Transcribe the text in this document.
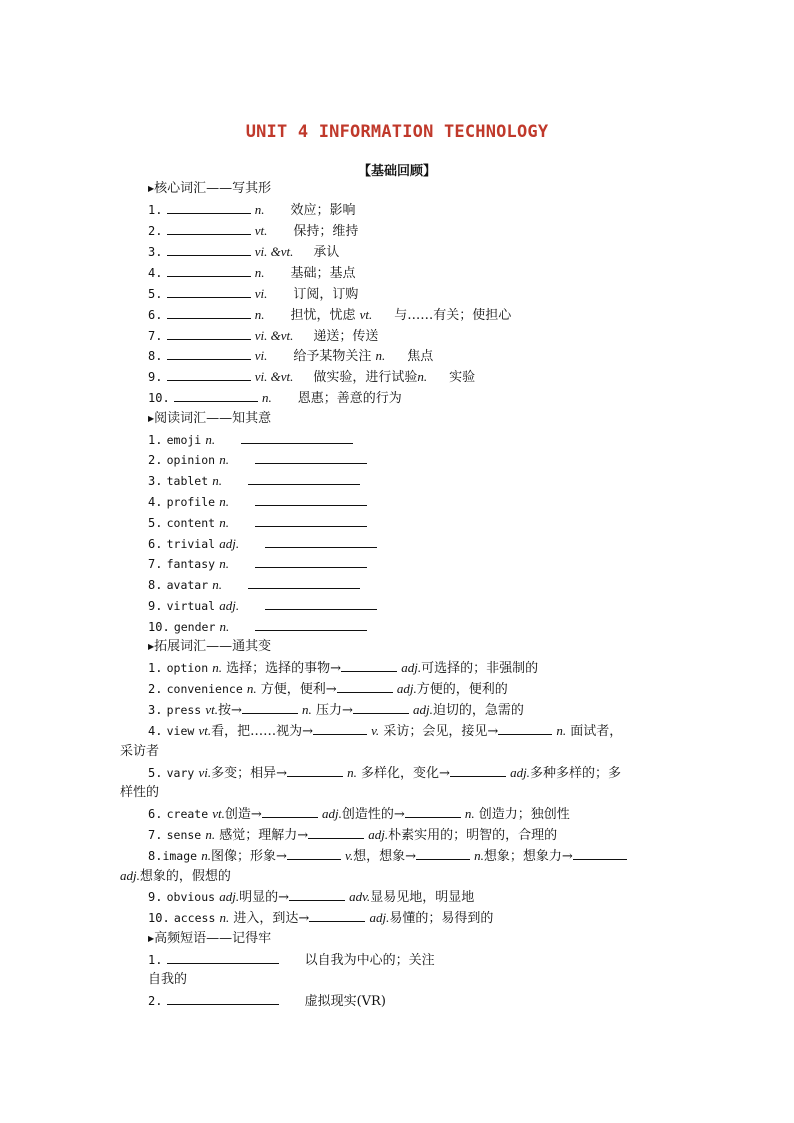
UNIT 4 INFORMATION TECHNOLOGY
【基础回顾】
▶核心词汇——写其形
1.	n. 效应；影响
2.	vt. 保持；维持
3.	vi. &vt. 承认
4.	n. 基础；基点
5.	vi. 订阅，订购
6.	n. 担忧，忧虑 vt. 与……有关；使担心
7.	vi. &vt. 递送；传送
8.	vi. 给予某物关注 n. 焦点
9.	vi. &vt. 做实验，进行试验n. 实验
10.	n. 恩惠；善意的行为
▶阅读词汇——知其意
1. emoji n.
2. opinion n.
3. tablet n.
4. profile n.
5. content n.
6. trivial adj.
7. fantasy n.
8. avatar n.
9. virtual adj.
10. gender n.
▶拓展词汇——通其变
1. option n. 选择；选择的事物→	adj.可选择的；非强制的
2. convenience n. 方便，便利→	adj.方便的，便利的
3. press vt.按→	n. 压力→	adj.迫切的，急需的
4. view vt.看，把……视为→	v. 采访；会见，接见→	n. 面试者，
采访者
5. vary vi.多变；相异→	n. 多样化，变化→	adj.多种多样的；多
样性的
6. create vt.创造→	adj.创造性的→	n. 创造力；独创性
7. sense n. 感觉；理解力→	adj.朴素实用的；明智的，合理的
8.image n.图像；形象→	v.想，想象→	n.想象；想象力→
adj.想象的，假想的
9. obvious adj.明显的→	adv.显易见地，明显地
10. access n. 进入，到达→	adj.易懂的；易得到的
▶高频短语——记得牢
1.	以自我为中心的；关注
自我的
2.	虚拟现实(VR)
